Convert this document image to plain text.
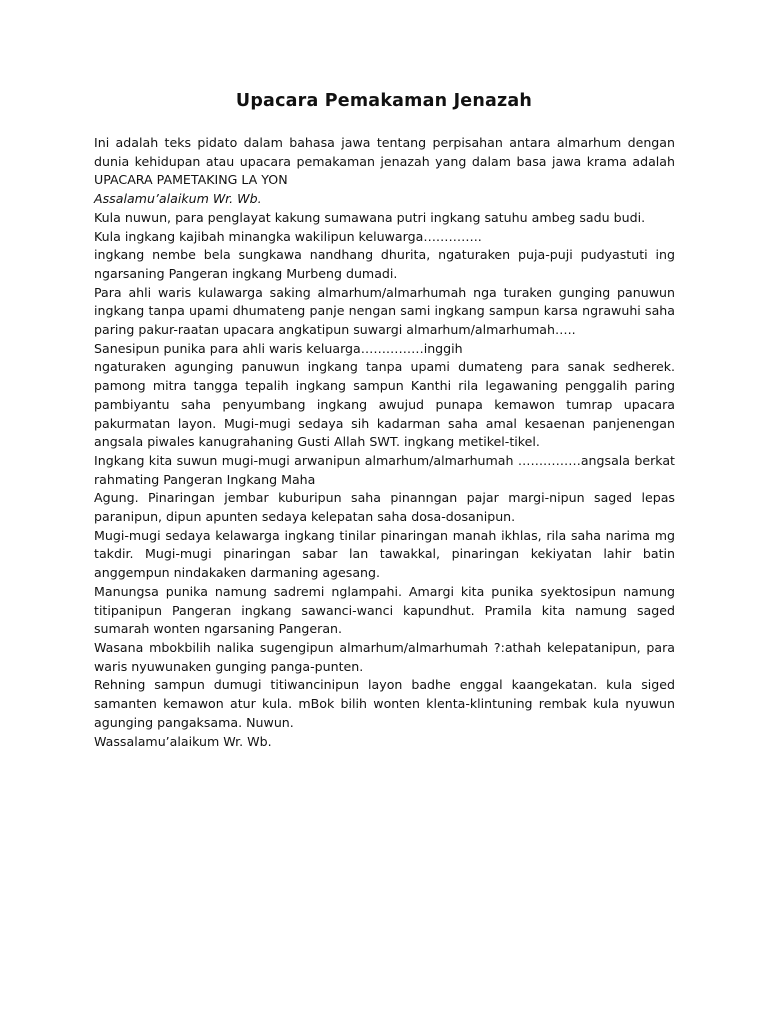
Upacara Pemakaman Jenazah

Ini adalah teks pidato dalam bahasa jawa tentang perpisahan antara almarhum dengan dunia kehidupan atau upacara pemakaman jenazah yang dalam basa jawa krama adalah UPACARA PAMETAKING LA YON

Assalamu’alaikum Wr. Wb.

Kula nuwun, para penglayat kakung sumawana putri ingkang satuhu ambeg sadu budi.

Kula ingkang kajibah minangka wakilipun keluwarga…………..

ingkang nembe bela sungkawa nandhang dhurita, ngaturaken puja-puji pudyastuti ing ngarsaning Pangeran ingkang Murbeng dumadi.

Para ahli waris kulawarga saking almarhum/almarhumah nga turaken gunging panuwun ingkang tanpa upami dhumateng panje nengan sami ingkang sampun karsa ngrawuhi saha paring pakur-raatan upacara angkatipun suwargi almarhum/almarhumah…..

Sanesipun punika para ahli waris keluarga……………inggih

ngaturaken agunging panuwun ingkang tanpa upami dumateng para sanak sedherek. pamong mitra tangga tepalih ingkang sampun Kanthi rila legawaning penggalih paring pambiyantu saha penyumbang ingkang awujud punapa kemawon tumrap upacara pakurmatan layon. Mugi-mugi sedaya sih kadarman saha amal kesaenan panjenengan angsala piwales kanugrahaning Gusti Allah SWT. ingkang metikel-tikel.

Ingkang kita suwun mugi-mugi arwanipun almarhum/almarhumah ……………angsala berkat rahmating Pangeran Ingkang Maha

Agung. Pinaringan jembar kuburipun saha pinanngan pajar margi-nipun saged lepas paranipun, dipun apunten sedaya kelepatan saha dosa-dosanipun.

Mugi-mugi sedaya kelawarga ingkang tinilar pinaringan manah ikhlas, rila saha narima mg takdir. Mugi-mugi pinaringan sabar lan tawakkal, pinaringan kekiyatan lahir batin anggempun nindakaken darmaning agesang.

Manungsa punika namung sadremi nglampahi. Amargi kita punika syektosipun namung titipanipun Pangeran ingkang sawanci-wanci kapundhut. Pramila kita namung saged sumarah wonten ngarsaning Pangeran.

Wasana mbokbilih nalika sugengipun almarhum/almarhumah ?:athah kelepatanipun, para waris nyuwunaken gunging panga-punten.

Rehning sampun dumugi titiwancinipun layon badhe enggal kaangekatan. kula siged samanten kemawon atur kula. mBok bilih wonten klenta-klintuning rembak kula nyuwun agunging pangaksama. Nuwun.

Wassalamu’alaikum Wr. Wb.
